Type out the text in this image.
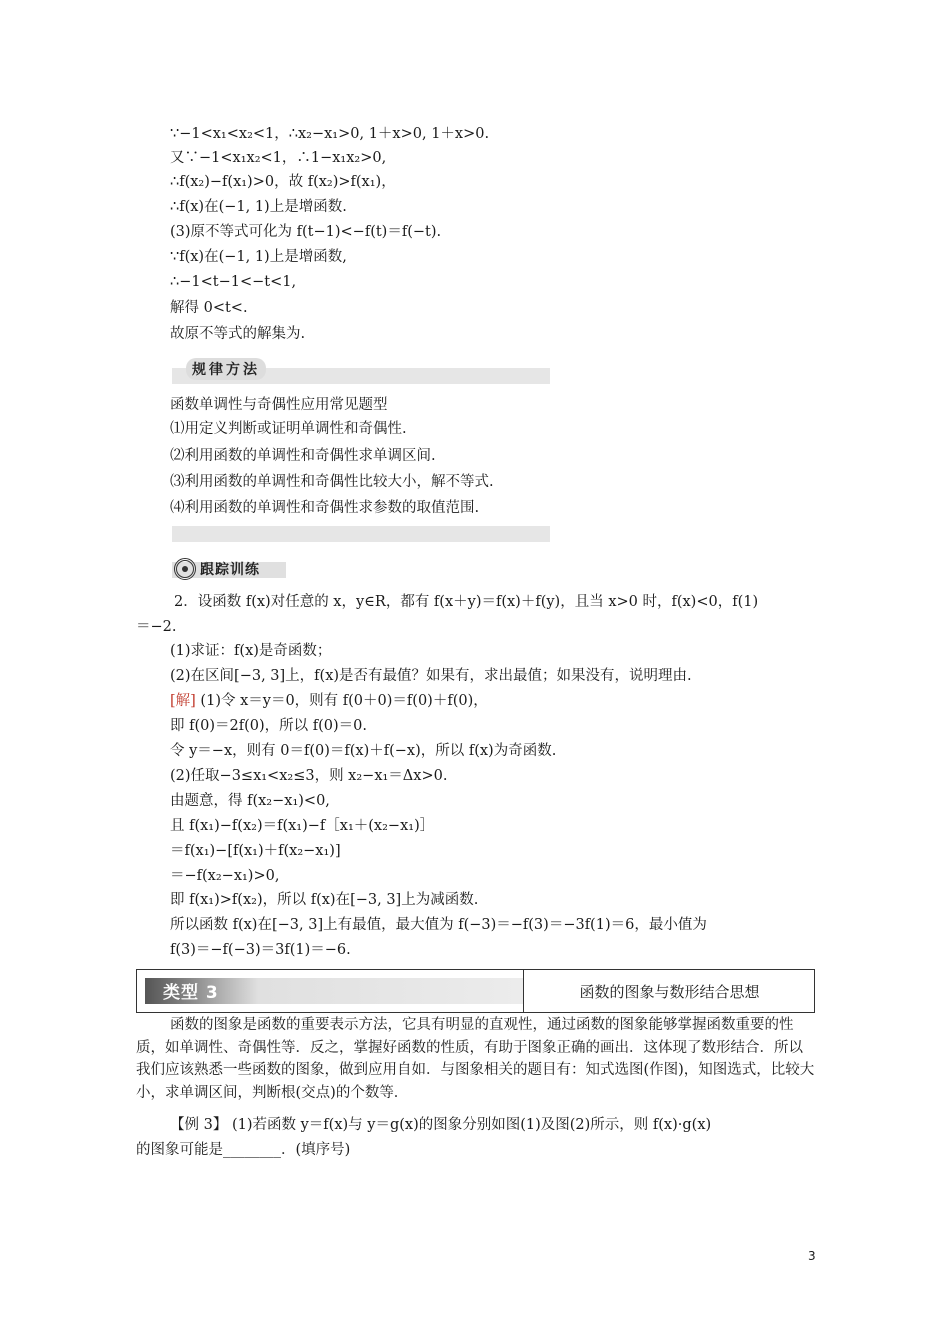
∵−1<x₁<x₂<1，∴x₂−x₁>0, 1＋x>0, 1＋x>0.
又∵−1<x₁x₂<1，∴1−x₁x₂>0,
∴f(x₂)−f(x₁)>0，故 f(x₂)>f(x₁)，
∴f(x)在(−1, 1)上是增函数.
(3)原不等式可化为 f(t−1)<−f(t)＝f(−t).
∵f(x)在(−1, 1)上是增函数,
∴−1<t−1<−t<1,
解得 0<t<.
故原不等式的解集为.
规律方法
函数单调性与奇偶性应用常见题型
⑴用定义判断或证明单调性和奇偶性.
⑵利用函数的单调性和奇偶性求单调区间.
⑶利用函数的单调性和奇偶性比较大小，解不等式.
⑷利用函数的单调性和奇偶性求参数的取值范围.
跟踪训练
2．设函数 f(x)对任意的 x，y∈R，都有 f(x＋y)＝f(x)＋f(y)，且当 x>0 时，f(x)<0，f(1)
＝−2.
(1)求证：f(x)是奇函数；
(2)在区间[−3, 3]上，f(x)是否有最值？如果有，求出最值；如果没有，说明理由.
[解] (1)令 x＝y＝0，则有 f(0＋0)＝f(0)＋f(0)，
即 f(0)＝2f(0)，所以 f(0)＝0.
令 y＝−x，则有 0＝f(0)＝f(x)＋f(−x)，所以 f(x)为奇函数.
(2)任取−3≤x₁<x₂≤3，则 x₂−x₁＝Δx>0.
由题意，得 f(x₂−x₁)<0,
且 f(x₁)−f(x₂)＝f(x₁)−f［x₁＋(x₂−x₁)］
＝f(x₁)−[f(x₁)＋f(x₂−x₁)]
＝−f(x₂−x₁)>0,
即 f(x₁)>f(x₂)，所以 f(x)在[−3, 3]上为减函数.
所以函数 f(x)在[−3, 3]上有最值，最大值为 f(−3)＝−f(3)＝−3f(1)＝6，最小值为
f(3)＝−f(−3)＝3f(1)＝−6.
类型 3	函数的图象与数形结合思想
函数的图象是函数的重要表示方法，它具有明显的直观性，通过函数的图象能够掌握函数重要的性质，如单调性、奇偶性等．反之，掌握好函数的性质，有助于图象正确的画出．这体现了数形结合．所以我们应该熟悉一些函数的图象，做到应用自如．与图象相关的题目有：知式选图(作图)，知图选式，比较大小，求单调区间，判断根(交点)的个数等．
【例 3】 (1)若函数 y＝f(x)与 y＝g(x)的图象分别如图(1)及图(2)所示，则 f(x)·g(x)
的图象可能是________．(填序号)
3
